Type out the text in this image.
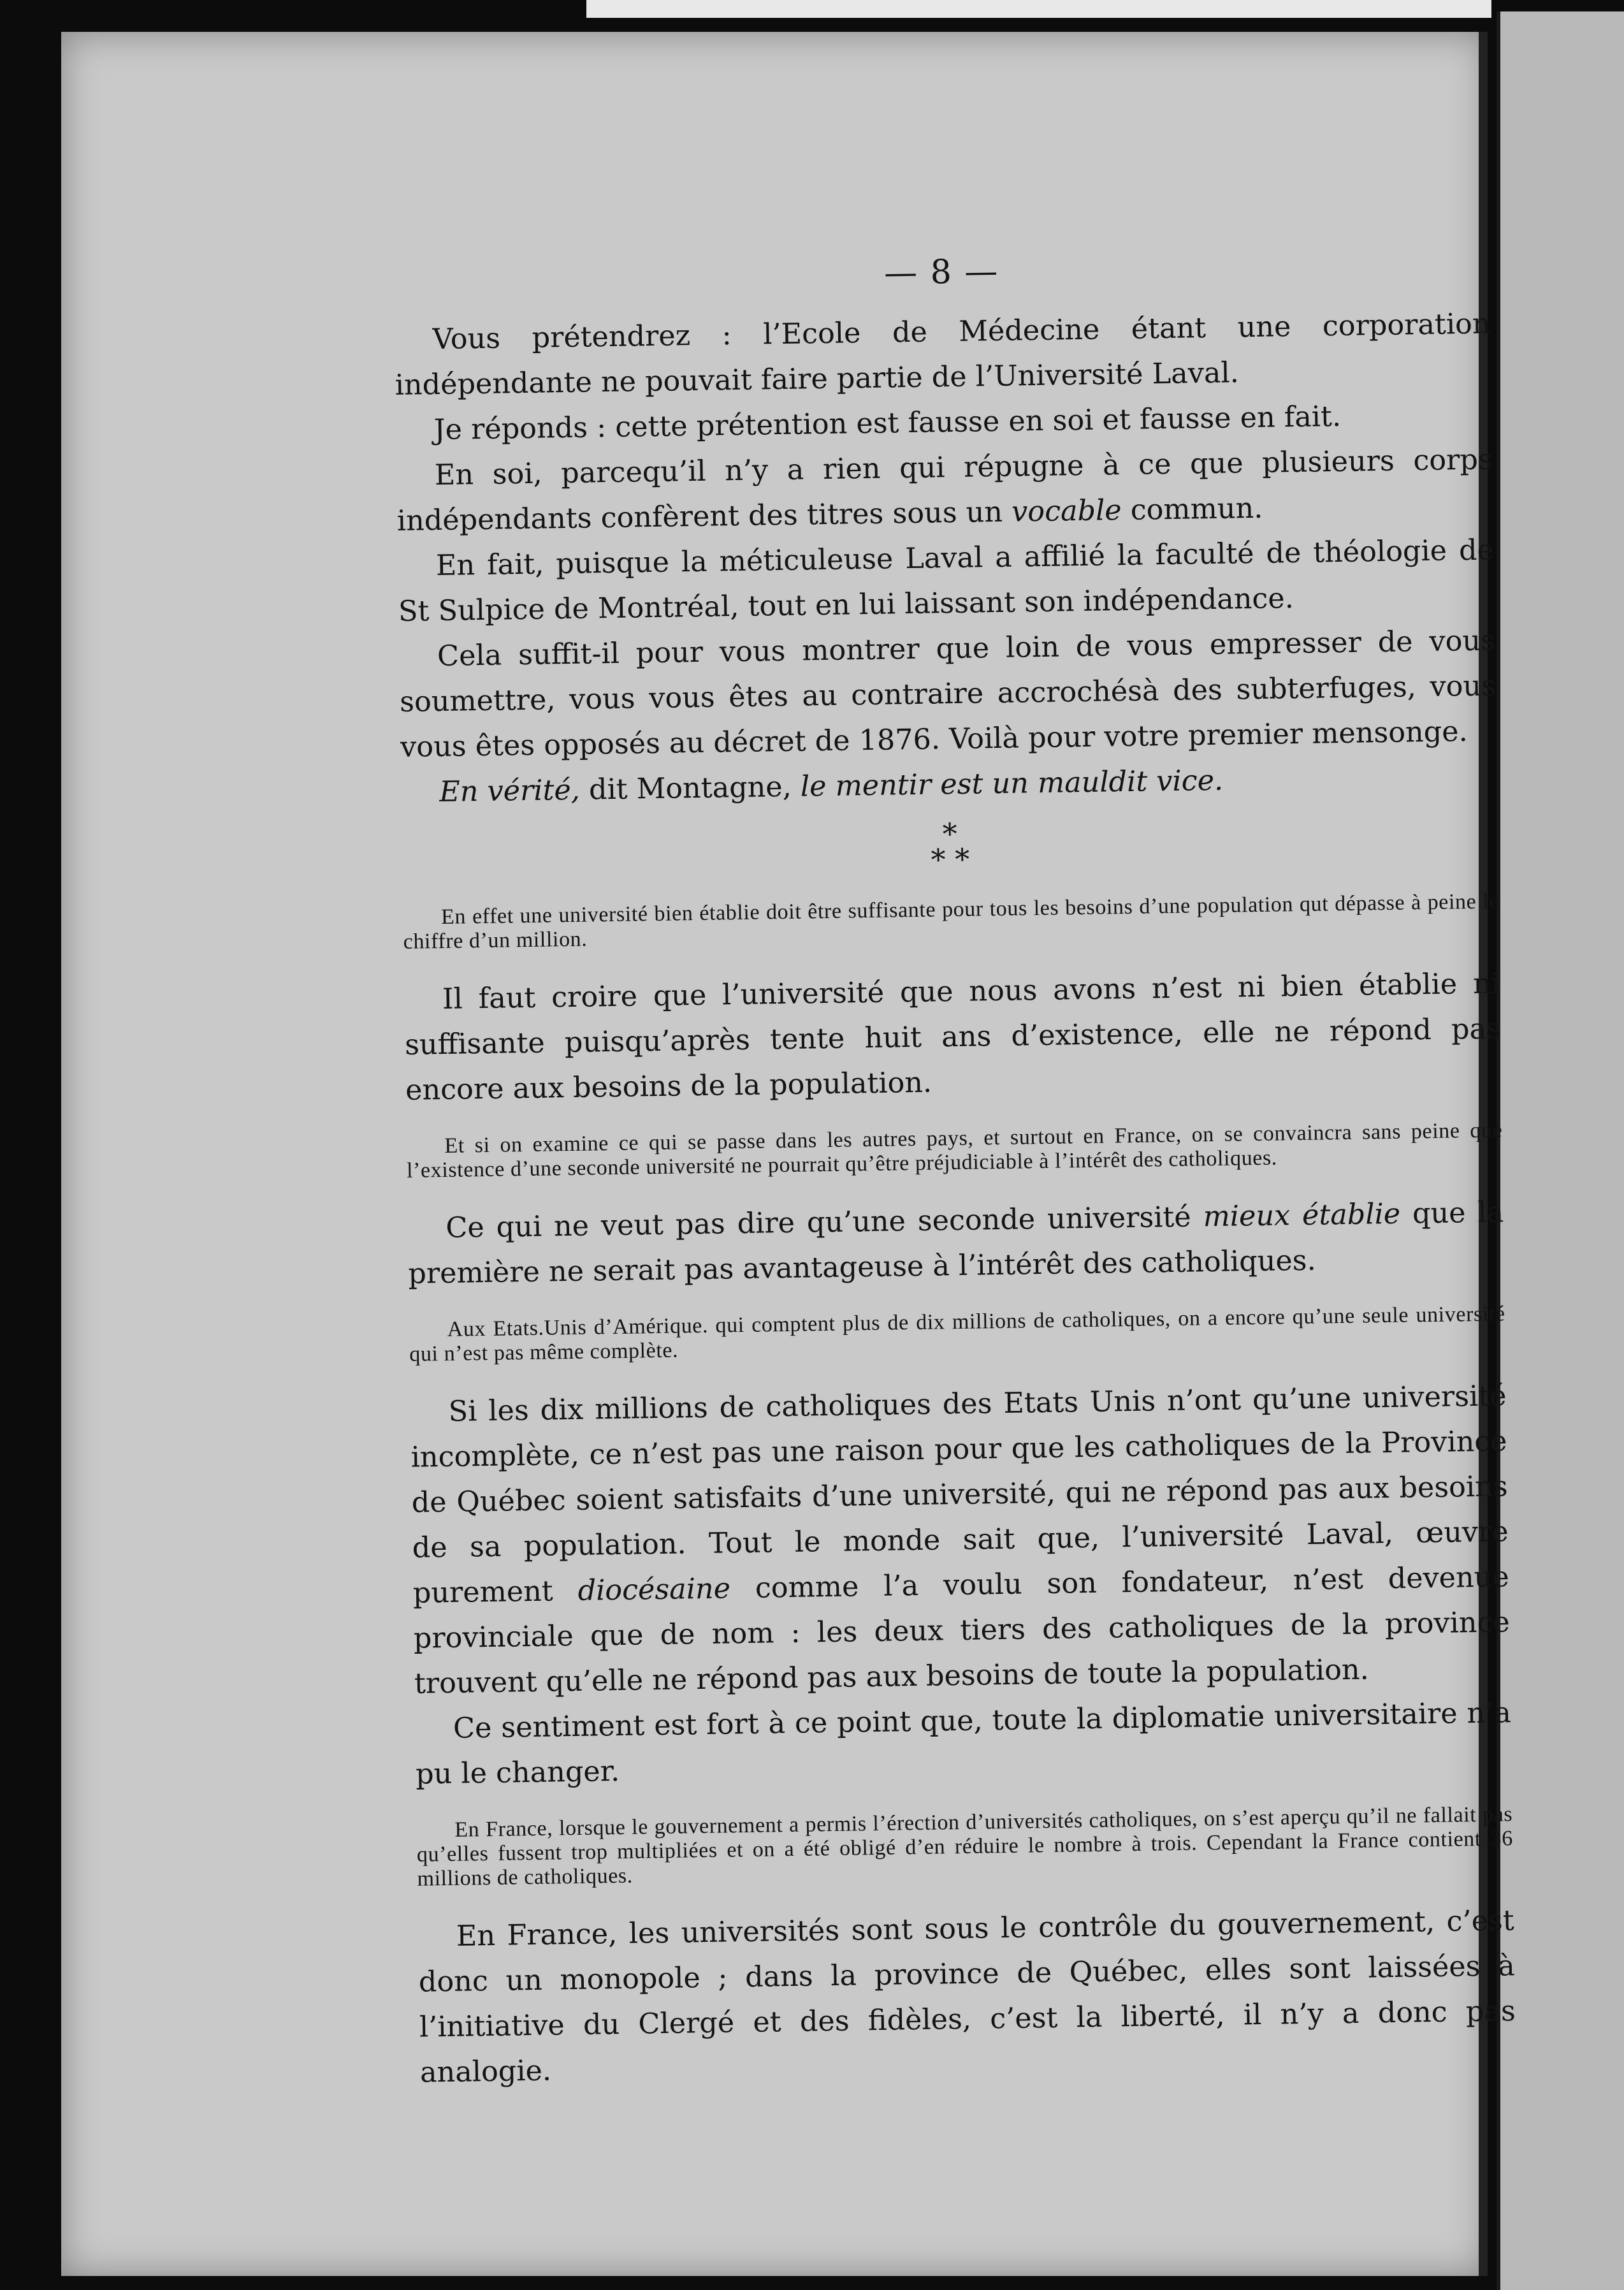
— 8 —

Vous prétendrez : l’Ecole de Médecine étant une corporation indépendante ne pouvait faire partie de l’Université Laval.

Je réponds : cette prétention est fausse en soi et fausse en fait.

En soi, parcequ’il n’y a rien qui répugne à ce que plusieurs corps indépendants confèrent des titres sous un vocable commun.

En fait, puisque la méticuleuse Laval a affilié la faculté de théologie de St Sulpice de Montréal, tout en lui laissant son indépendance.

Cela suffit-il pour vous montrer que loin de vous empresser de vous soumettre, vous vous êtes au contraire accrochésà des subterfuges, vous vous êtes opposés au décret de 1876. Voilà pour votre premier mensonge.

En vérité, dit Montagne, le mentir est un mauldit vice.

*
* *

En effet une université bien établie doit être suffisante pour tous les besoins d’une population qut dépasse à peine le chiffre d’un million.

Il faut croire que l’université que nous avons n’est ni bien établie ni suffisante puisqu’après tente huit ans d’existence, elle ne répond pas encore aux besoins de la population.

Et si on examine ce qui se passe dans les autres pays, et surtout en France, on se convaincra sans peine que l’existence d’une seconde université ne pourrait qu’être préjudiciable à l’intérêt des catholiques.

Ce qui ne veut pas dire qu’une seconde université mieux établie que la première ne serait pas avantageuse à l’intérêt des catholiques.

Aux Etats.Unis d’Amérique. qui comptent plus de dix millions de catholiques, on a encore qu’une seule université qui n’est pas même complète.

Si les dix millions de catholiques des Etats Unis n’ont qu’une université incomplète, ce n’est pas une raison pour que les catholiques de la Province de Québec soient satisfaits d’une université, qui ne répond pas aux besoins de sa population. Tout le monde sait que, l’université Laval, œuvre purement diocésaine comme l’a voulu son fondateur, n’est devenue provinciale que de nom : les deux tiers des catholiques de la province trouvent qu’elle ne répond pas aux besoins de toute la population.

Ce sentiment est fort à ce point que, toute la diplomatie universitaire n’a pu le changer.

En France, lorsque le gouvernement a permis l’érection d’universités catholiques, on s’est aperçu qu’il ne fallait pas qu’elles fussent trop multipliées et on a été obligé d’en réduire le nombre à trois. Cependant la France contient 36 millions de catholiques.

En France, les universités sont sous le contrôle du gouvernement, c’est donc un monopole ; dans la province de Québec, elles sont laissées à l’initiative du Clergé et des fidèles, c’est la liberté, il n’y a donc pas analogie.
